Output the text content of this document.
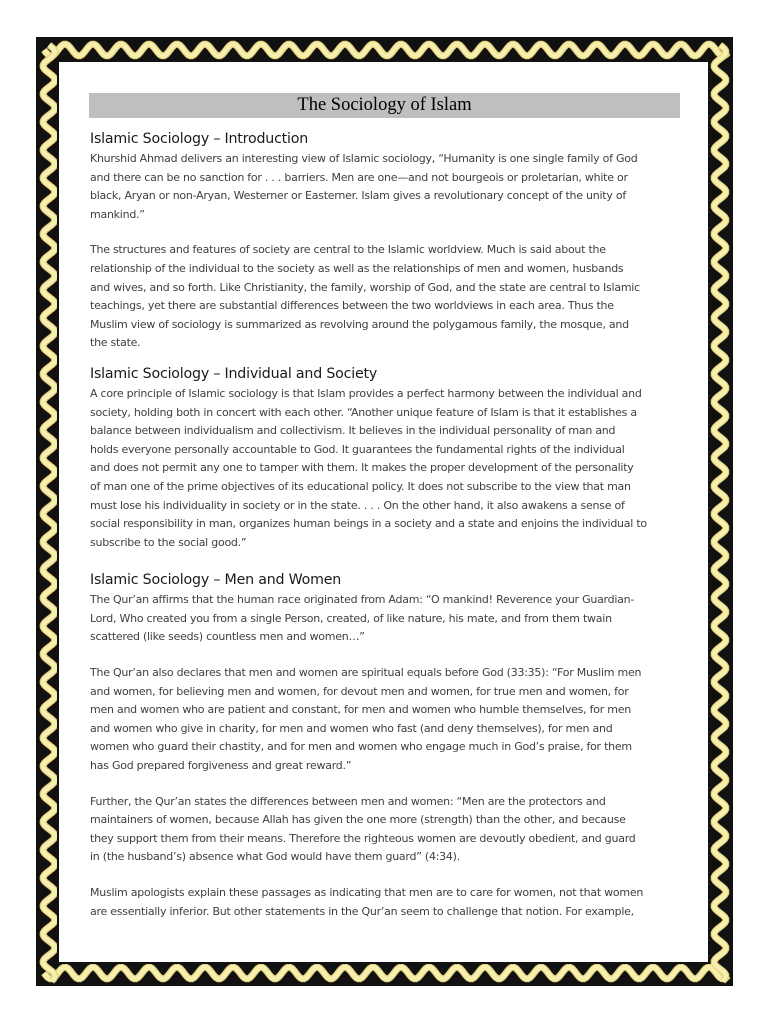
The Sociology of Islam
Islamic Sociology – Introduction

Khurshid Ahmad delivers an interesting view of Islamic sociology, “Humanity is one single family of God
and there can be no sanction for . . . barriers. Men are one—and not bourgeois or proletarian, white or
black, Aryan or non-Aryan, Westerner or Easterner. Islam gives a revolutionary concept of the unity of
mankind.”

The structures and features of society are central to the Islamic worldview. Much is said about the
relationship of the individual to the society as well as the relationships of men and women, husbands
and wives, and so forth. Like Christianity, the family, worship of God, and the state are central to Islamic
teachings, yet there are substantial differences between the two worldviews in each area. Thus the
Muslim view of sociology is summarized as revolving around the polygamous family, the mosque, and
the state.

Islamic Sociology – Individual and Society

A core principle of Islamic sociology is that Islam provides a perfect harmony between the individual and
society, holding both in concert with each other. “Another unique feature of Islam is that it establishes a
balance between individualism and collectivism. It believes in the individual personality of man and
holds everyone personally accountable to God. It guarantees the fundamental rights of the individual
and does not permit any one to tamper with them. It makes the proper development of the personality
of man one of the prime objectives of its educational policy. It does not subscribe to the view that man
must lose his individuality in society or in the state. . . . On the other hand, it also awakens a sense of
social responsibility in man, organizes human beings in a society and a state and enjoins the individual to
subscribe to the social good.”

Islamic Sociology – Men and Women

The Qur’an affirms that the human race originated from Adam: “O mankind! Reverence your Guardian-
Lord, Who created you from a single Person, created, of like nature, his mate, and from them twain
scattered (like seeds) countless men and women…”

The Qur’an also declares that men and women are spiritual equals before God (33:35): “For Muslim men
and women, for believing men and women, for devout men and women, for true men and women, for
men and women who are patient and constant, for men and women who humble themselves, for men
and women who give in charity, for men and women who fast (and deny themselves), for men and
women who guard their chastity, and for men and women who engage much in God’s praise, for them
has God prepared forgiveness and great reward.”

Further, the Qur’an states the differences between men and women: “Men are the protectors and
maintainers of women, because Allah has given the one more (strength) than the other, and because
they support them from their means. Therefore the righteous women are devoutly obedient, and guard
in (the husband’s) absence what God would have them guard” (4:34).

Muslim apologists explain these passages as indicating that men are to care for women, not that women
are essentially inferior. But other statements in the Qur’an seem to challenge that notion. For example,
